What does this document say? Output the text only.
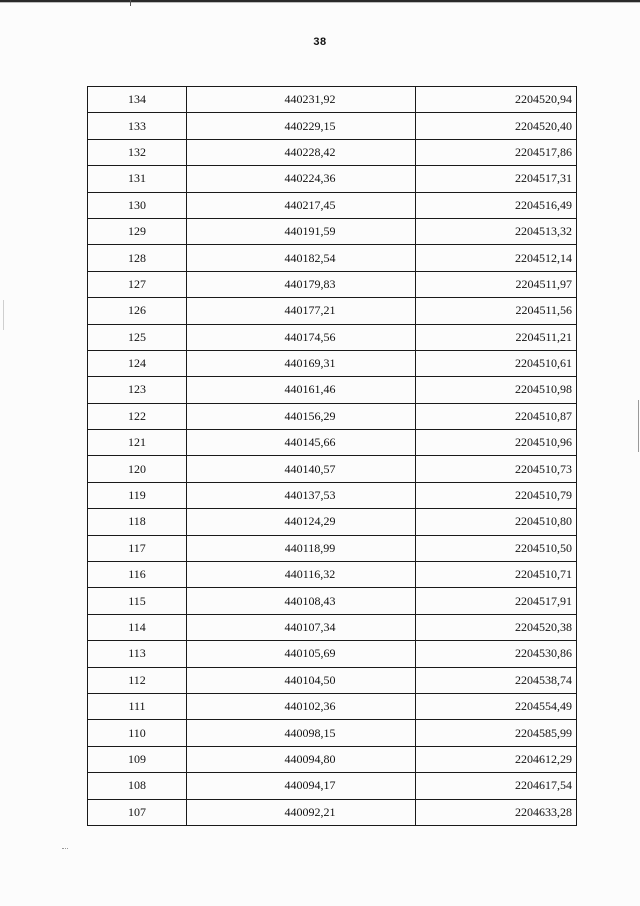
38
134	440231,92	2204520,94
133	440229,15	2204520,40
132	440228,42	2204517,86
131	440224,36	2204517,31
130	440217,45	2204516,49
129	440191,59	2204513,32
128	440182,54	2204512,14
127	440179,83	2204511,97
126	440177,21	2204511,56
125	440174,56	2204511,21
124	440169,31	2204510,61
123	440161,46	2204510,98
122	440156,29	2204510,87
121	440145,66	2204510,96
120	440140,57	2204510,73
119	440137,53	2204510,79
118	440124,29	2204510,80
117	440118,99	2204510,50
116	440116,32	2204510,71
115	440108,43	2204517,91
114	440107,34	2204520,38
113	440105,69	2204530,86
112	440104,50	2204538,74
111	440102,36	2204554,49
110	440098,15	2204585,99
109	440094,80	2204612,29
108	440094,17	2204617,54
107	440092,21	2204633,28
